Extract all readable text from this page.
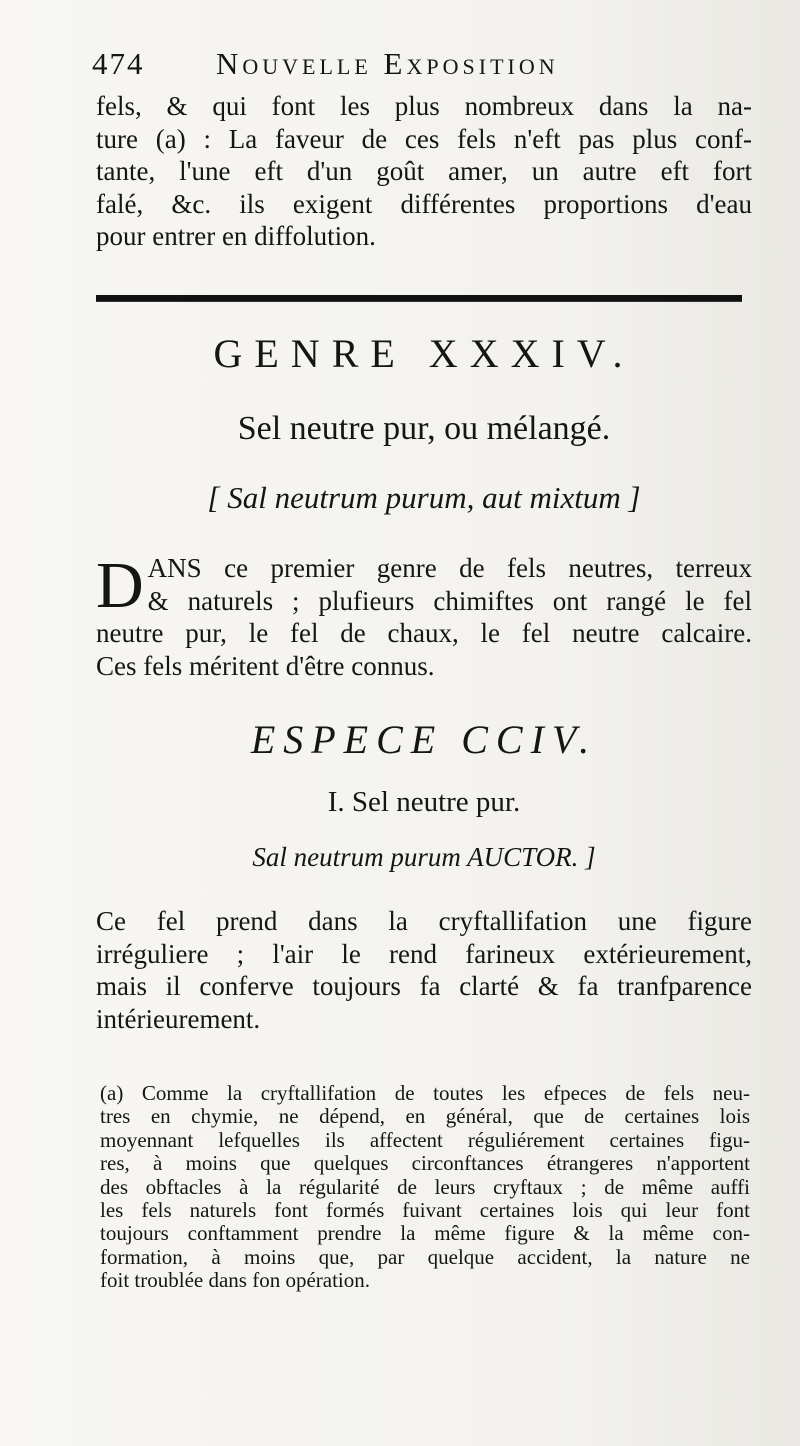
474 Nouvelle Exposition
fels, & qui font les plus nombreux dans la na-
ture (a) : La faveur de ces fels n'eft pas plus conf-
tante, l'une eft d'un goût amer, un autre eft fort
falé, &c. ils exigent différentes proportions d'eau
pour entrer en diffolution.
GENRE XXXIV.
Sel neutre pur, ou mélangé.
[ Sal neutrum purum, aut mixtum ]
D ANS ce premier genre de fels neutres, terreux
& naturels ; plufieurs chimiftes ont rangé le fel
neutre pur, le fel de chaux, le fel neutre calcaire.
Ces fels méritent d'être connus.
ESPECE CCIV.
I. Sel neutre pur.
Sal neutrum purum AUCTOR. ]
Ce fel prend dans la cryftallifation une figure
irréguliere ; l'air le rend farineux extérieurement,
mais il conferve toujours fa clarté & fa tranfparence
intérieurement.
(a) Comme la cryftallifation de toutes les efpeces de fels neu-
tres en chymie, ne dépend, en général, que de certaines lois
moyennant lefquelles ils affectent réguliérement certaines figu-
res, à moins que quelques circonftances étrangeres n'apportent
des obftacles à la régularité de leurs cryftaux ; de même auffi
les fels naturels font formés fuivant certaines lois qui leur font
toujours conftamment prendre la même figure & la même con-
formation, à moins que, par quelque accident, la nature ne
foit troublée dans fon opération.
